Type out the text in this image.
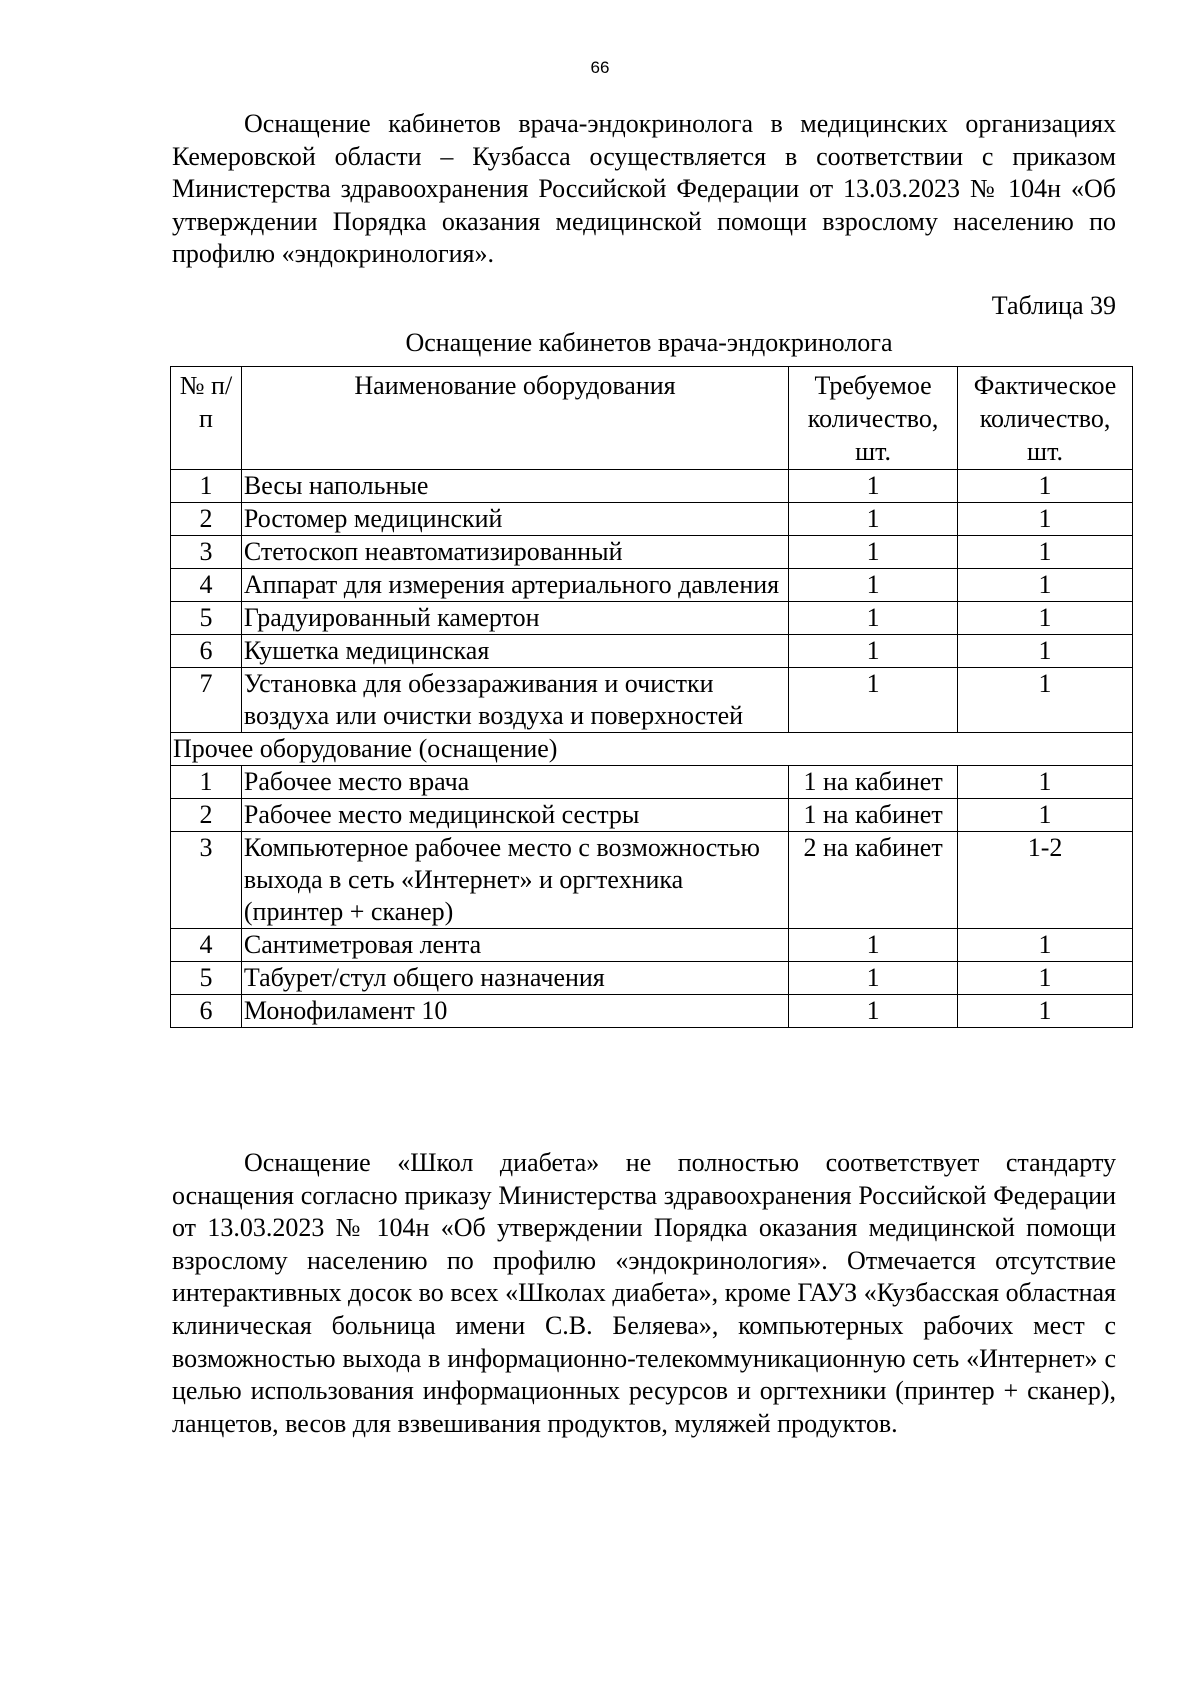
66

Оснащение кабинетов врача-эндокринолога в медицинских организациях Кемеровской области – Кузбасса осуществляется в соответствии с приказом Министерства здравоохранения Российской Федерации от 13.03.2023 № 104н «Об утверждении Порядка оказания медицинской помощи взрослому населению по профилю «эндокринология».

Таблица 39
Оснащение кабинетов врача-эндокринолога
№ п/п	Наименование оборудования	Требуемое количество, шт.	Фактическое количество, шт.
1	Весы напольные	1	1
2	Ростомер медицинский	1	1
3	Стетоскоп неавтоматизированный	1	1
4	Аппарат для измерения артериального давления	1	1
5	Градуированный камертон	1	1
6	Кушетка медицинская	1	1
7	Установка для обеззараживания и очистки воздуха или очистки воздуха и поверхностей	1	1
Прочее оборудование (оснащение)			
1	Рабочее место врача	1 на кабинет	1
2	Рабочее место медицинской сестры	1 на кабинет	1
3	Компьютерное рабочее место с возможностью выхода в сеть «Интернет» и оргтехника (принтер + сканер)	2 на кабинет	1-2
4	Сантиметровая лента	1	1
5	Табурет/стул общего назначения	1	1
6	Монофиламент 10	1	1

Оснащение «Школ диабета» не полностью соответствует стандарту оснащения согласно приказу Министерства здравоохранения Российской Федерации от 13.03.2023 № 104н «Об утверждении Порядка оказания медицинской помощи взрослому населению по профилю «эндокринология». Отмечается отсутствие интерактивных досок во всех «Школах диабета», кроме ГАУЗ «Кузбасская областная клиническая больница имени С.В. Беляева», компьютерных рабочих мест с возможностью выхода в информационно-телекоммуникационную сеть «Интернет» с целью использования информационных ресурсов и оргтехники (принтер + сканер), ланцетов, весов для взвешивания продуктов, муляжей продуктов.
